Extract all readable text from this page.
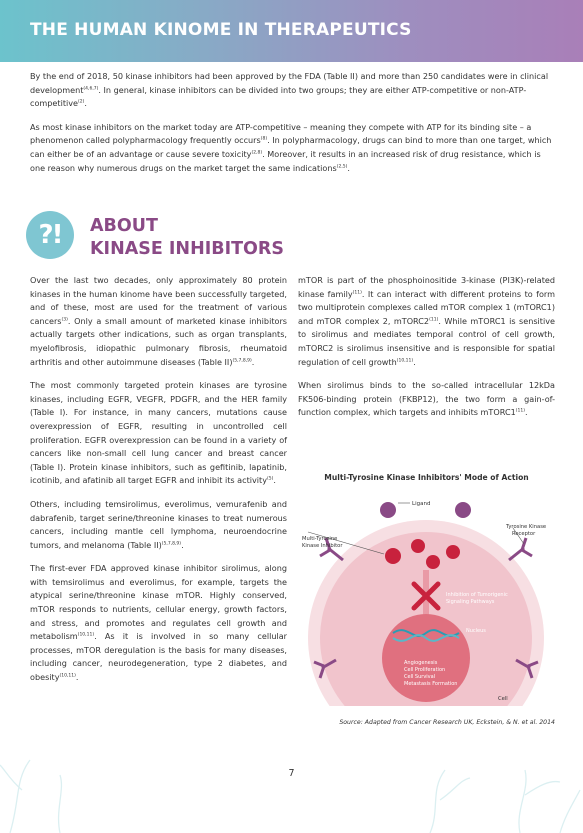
THE HUMAN KINOME IN THERAPEUTICS

By the end of 2018, 50 kinase inhibitors had been approved by the FDA (Table II) and more than 250 candidates were in clinical development$^{(4,6,7)}$. In general, kinase inhibitors can be divided into two groups; they are either ATP-competitive or non-ATP-competitive$^{(2)}$.

As most kinase inhibitors on the market today are ATP-competitive – meaning they compete with ATP for its binding site – a phenomenon called polypharmacology frequently occurs$^{(8)}$. In polypharmacology, drugs can bind to more than one target, which can either be of an advantage or cause severe toxicity$^{(2,8)}$. Moreover, it results in an increased risk of drug resistance, which is one reason why numerous drugs on the market target the same indications$^{(2,5)}$.

?!	ABOUT
KINASE INHIBITORS

Over the last two decades, only approximately 80 protein kinases in the human kinome have been successfully targeted, and of these, most are used for the treatment of various cancers$^{(3)}$. Only a small amount of marketed kinase inhibitors actually targets other indications, such as organ transplants, myelofibrosis, idiopathic pulmonary fibrosis, rheumatoid arthritis and other autoimmune diseases (Table II)$^{(5,7,8,9)}$.

The most commonly targeted protein kinases are tyrosine kinases, including EGFR, VEGFR, PDGFR, and the HER family (Table I). For instance, in many cancers, mutations cause overexpression of EGFR, resulting in uncontrolled cell proliferation. EGFR overexpression can be found in a variety of cancers like non-small cell lung cancer and breast cancer (Table I). Protein kinase inhibitors, such as gefitinib, lapatinib, icotinib, and afatinib all target EGFR and inhibit its activity$^{(5)}$.

Others, including temsirolimus, everolimus, vemurafenib and dabrafenib, target serine/threonine kinases to treat numerous cancers, including mantle cell lymphoma, neuroendocrine tumors, and melanoma (Table II)$^{(5,7,8,9)}$.

The first-ever FDA approved kinase inhibitor sirolimus, along with temsirolimus and everolimus, for example, targets the atypical serine/threonine kinase mTOR. Highly conserved, mTOR responds to nutrients, cellular energy, growth factors, and stress, and promotes and regulates cell growth and metabolism$^{(10,11)}$. As it is involved in so many cellular processes, mTOR deregulation is the basis for many diseases, including cancer, neurodegeneration, type 2 diabetes, and obesity$^{(10,11)}$.

mTOR is part of the phosphoinositide 3-kinase (PI3K)-related kinase family$^{(11)}$. It can interact with different proteins to form two multiprotein complexes called mTOR complex 1 (mTORC1) and mTOR complex 2, mTORC2$^{(11)}$. While mTORC1 is sensitive to sirolimus and mediates temporal control of cell growth, mTORC2 is sirolimus insensitive and is responsible for spatial regulation of cell growth$^{(10,11)}$.

When sirolimus binds to the so-called intracellular 12kDa FK506-binding protein (FKBP12), the two form a gain-of-function complex, which targets and inhibits mTORC1$^{(11)}$.

Multi-Tyrosine Kinase Inhibitors' Mode of Action
Ligand
Multi-Tyrosine
Kinase Inhibitor
Tyrosine Kinase
Receptor
Inhibition of Tumorigenic
Signaling Pathways
Nucleus
Angiogenesis
Cell Proliferation
Cell Survival
Metastasis Formation
Cell
Source: Adapted from Cancer Research UK, Eckstein, & N. et al. 2014
7
